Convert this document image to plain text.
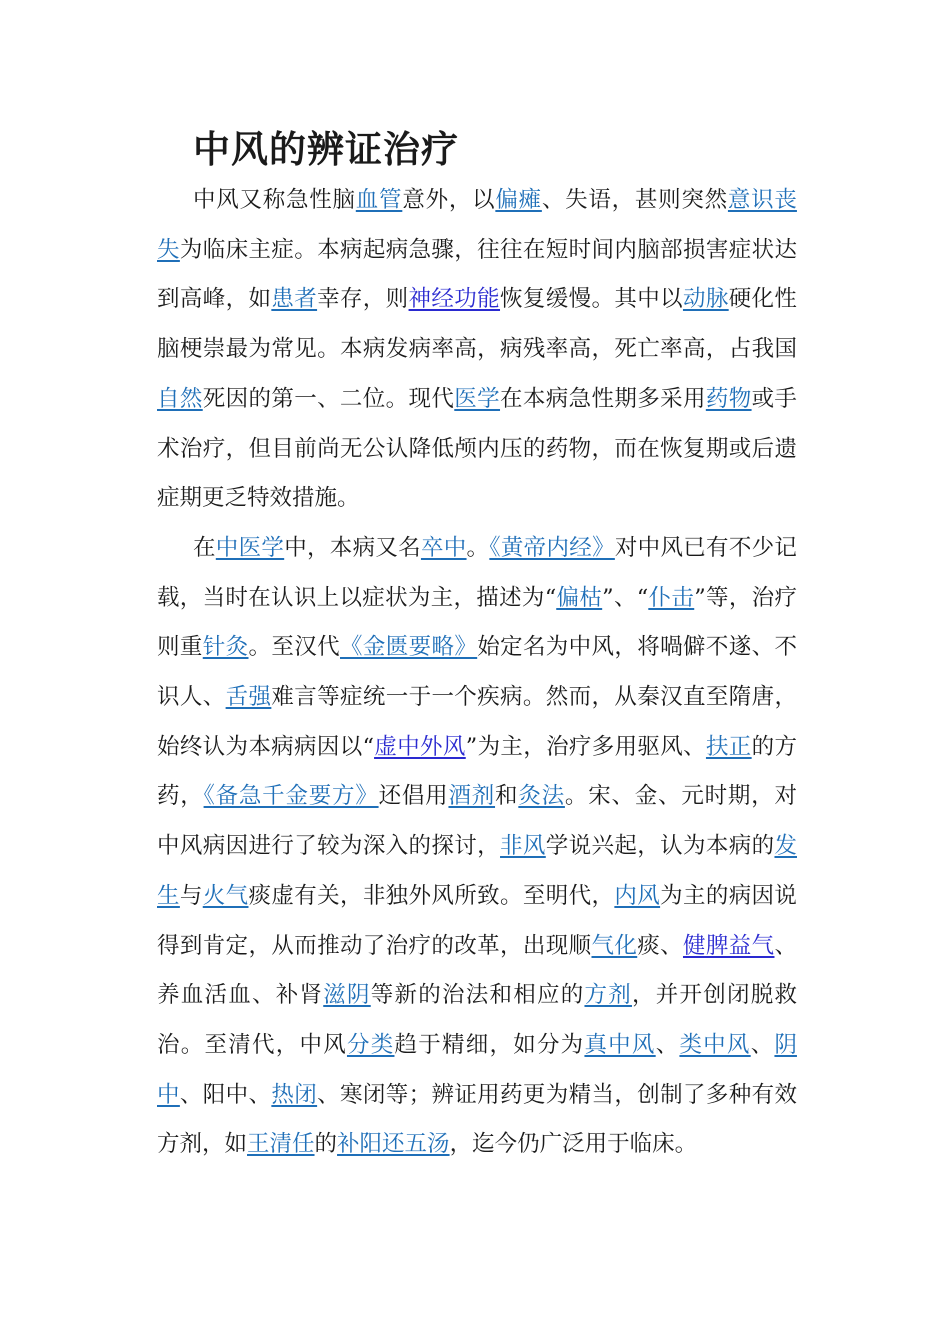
中风的辨证治疗

中风又称急性脑血管意外，以偏瘫、失语，甚则突然意识丧失为临床主症。本病起病急骤，往往在短时间内脑部损害症状达到高峰，如患者幸存，则神经功能恢复缓慢。其中以动脉硬化性脑梗崇最为常见。本病发病率高，病残率高，死亡率高，占我国自然死因的第一、二位。现代医学在本病急性期多采用药物或手术治疗，但目前尚无公认降低颅内压的药物，而在恢复期或后遗症期更乏特效措施。

在中医学中，本病又名卒中。《黄帝内经》对中风已有不少记载，当时在认识上以症状为主，描述为“偏枯”、“仆击”等，治疗则重针灸。至汉代《金匮要略》始定名为中风，将喎僻不遂、不识人、舌强难言等症统一于一个疾病。然而，从秦汉直至隋唐，始终认为本病病因以“虚中外风”为主，治疗多用驱风、扶正的方药，《备急千金要方》还倡用酒剂和灸法。宋、金、元时期，对中风病因进行了较为深入的探讨，非风学说兴起，认为本病的发生与火气痰虚有关，非独外风所致。至明代，内风为主的病因说得到肯定，从而推动了治疗的改革，出现顺气化痰、健脾益气、养血活血、补肾滋阴等新的治法和相应的方剂，并开创闭脱救治。至清代，中风分类趋于精细，如分为真中风、类中风、阴中、阳中、热闭、寒闭等；辨证用药更为精当，创制了多种有效方剂，如王清任的补阳还五汤，迄今仍广泛用于临床。
